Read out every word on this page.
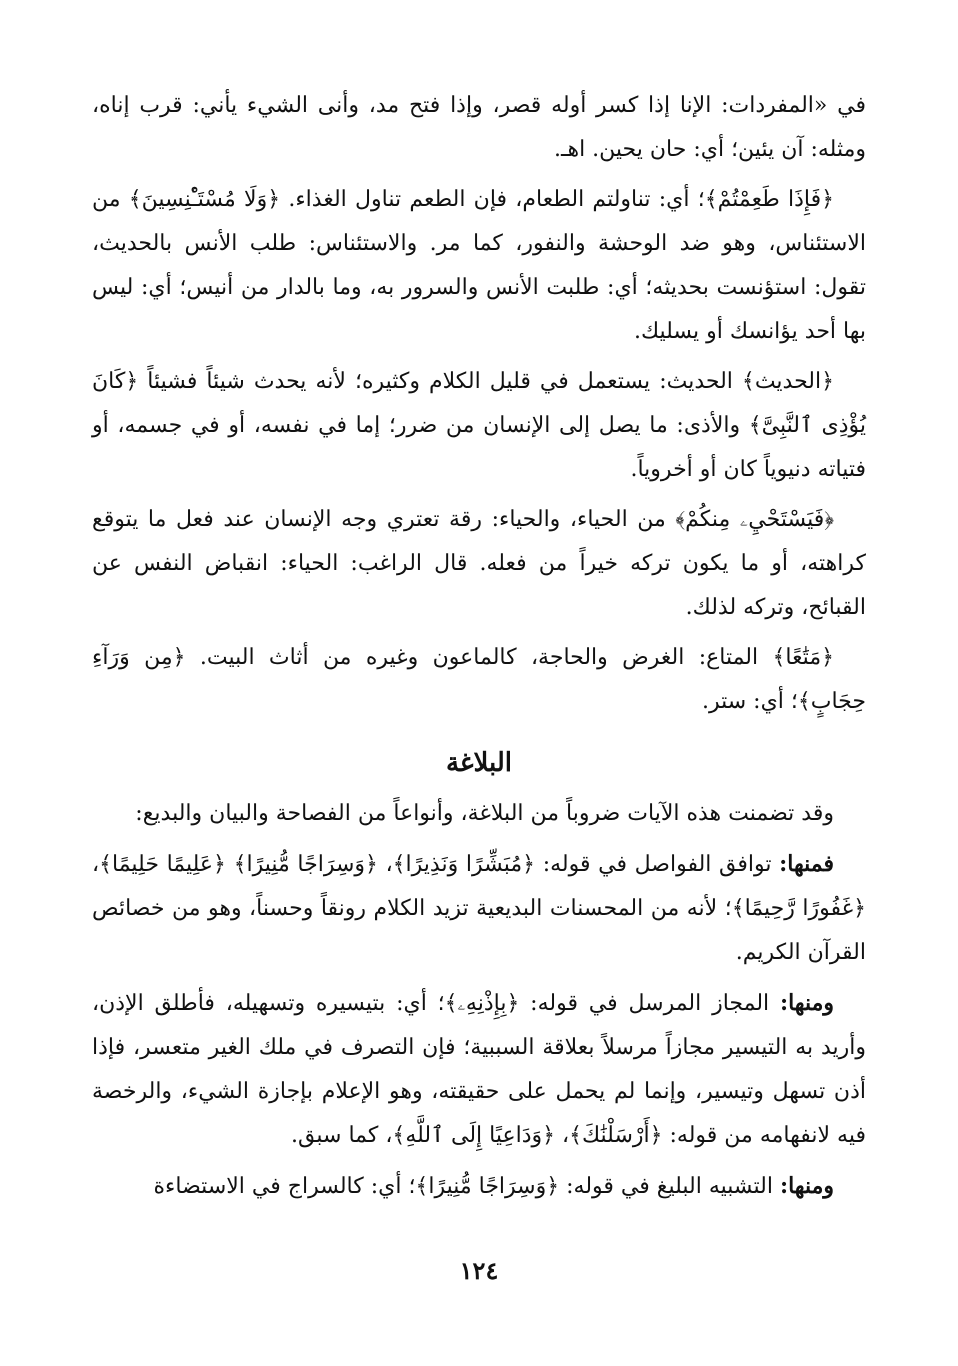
في «المفردات: الإنا إذا كسر أوله قصر، وإذا فتح مد، وأنى الشيء يأني: قرب إناه، ومثله: آن يئين؛ أي: حان يحين. اهـ.

﴿فَإِذَا طَعِمْتُمْ﴾؛ أي: تناولتم الطعام، فإن الطعم تناول الغذاء. ﴿وَلَا مُسْتَـْٔنِسِينَ﴾ من الاستئناس، وهو ضد الوحشة والنفور، كما مر. والاستئناس: طلب الأنس بالحديث، تقول: استؤنست بحديثه؛ أي: طلبت الأنس والسرور به، وما بالدار من أنيس؛ أي: ليس بها أحد يؤانسك أو يسليك.

﴿الحديث﴾ الحديث: يستعمل في قليل الكلام وكثيره؛ لأنه يحدث شيئاً فشيئاً ﴿كَانَ يُؤْذِى ٱلنَّبِىَّ﴾ والأذى: ما يصل إلى الإنسان من ضرر؛ إما في نفسه، أو في جسمه، أو فتياته دنيوياً كان أو أخروياً.

﴿فَيَسْتَحْيِۦ مِنكُمْ﴾ من الحياء، والحياء: رقة تعتري وجه الإنسان عند فعل ما يتوقع كراهته، أو ما يكون تركه خيراً من فعله. قال الراغب: الحياء: انقباض النفس عن القبائح، وتركه لذلك.

﴿مَتَٰعًا﴾ المتاع: الغرض والحاجة، كالماعون وغيره من أثاث البيت. ﴿مِن وَرَآءِ حِجَابٍ﴾؛ أي: ستر.

البلاغة

وقد تضمنت هذه الآيات ضروباً من البلاغة، وأنواعاً من الفصاحة والبيان والبديع:

فمنها: توافق الفواصل في قوله: ﴿مُبَشِّرًا وَنَذِيرًا﴾، ﴿وَسِرَاجًا مُّنِيرًا﴾ ﴿عَلِيمًا حَلِيمًا﴾، ﴿غَفُورًا رَّحِيمًا﴾؛ لأنه من المحسنات البديعية تزيد الكلام رونقاً وحسناً، وهو من خصائص القرآن الكريم.

ومنها: المجاز المرسل في قوله: ﴿بِإِذْنِهِۦ﴾؛ أي: بتيسيره وتسهيله، فأطلق الإذن، وأريد به التيسير مجازاً مرسلاً بعلاقة السببية؛ فإن التصرف في ملك الغير متعسر، فإذا أذن تسهل وتيسير، وإنما لم يحمل على حقيقته، وهو الإعلام بإجازة الشيء، والرخصة فيه لانفهامه من قوله: ﴿أَرْسَلْنَٰكَ﴾، ﴿وَدَاعِيًا إِلَى ٱللَّهِ﴾، كما سبق.

ومنها: التشبيه البليغ في قوله: ﴿وَسِرَاجًا مُّنِيرًا﴾؛ أي: كالسراج في الاستضاءة

١٢٤
